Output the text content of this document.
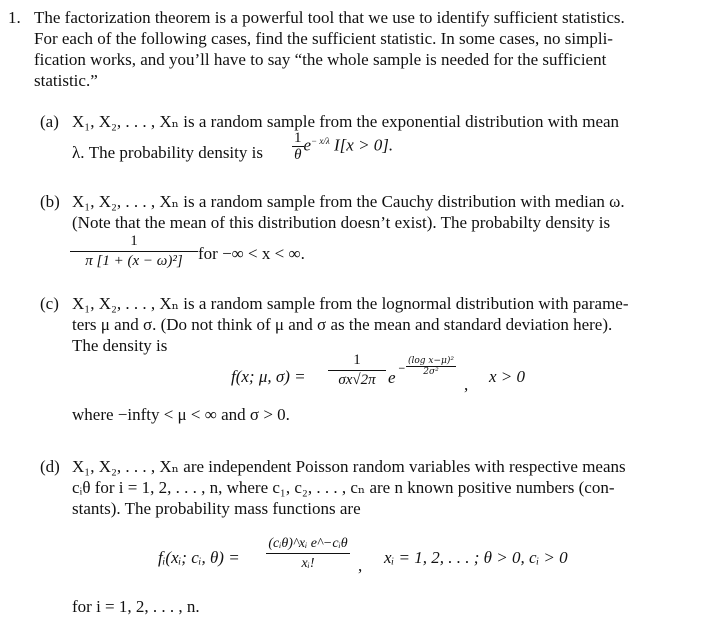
1. The factorization theorem is a powerful tool that we use to identify sufficient statistics.
For each of the following cases, find the sufficient statistic. In some cases, no simpli-
fication works, and you’ll have to say “the whole sample is needed for the sufficient
statistic.”
(a) X₁, X₂, . . . , Xₙ is a random sample from the exponential distribution with mean
λ. The probability density is $\frac{1}{\theta} e^{- x/\lambda}$ I[x > 0].
(b) X₁, X₂, . . . , Xₙ is a random sample from the Cauchy distribution with median ω.
(Note that the mean of this distribution doesn’t exist). The probabilty density is
$\frac{1}{\text{π [1 + (x − ω)²]}}$ for −∞ < x < ∞.
(c) X₁, X₂, . . . , Xₙ is a random sample from the lognormal distribution with parame-
ters μ and σ. (Do not think of μ and σ as the mean and standard deviation here).
The density is
f(x; μ, $\sigma) = \frac{1}{\sigma x√2\pi}$ $e - \frac{\text{(log x−μ)²}}{\text{2σ²}}$
, x > 0
where −infty < μ < ∞ and σ > 0.
(d) X₁, X₂, . . . , Xₙ are independent Poisson random variables with respective means
cᵢθ for i = 1, 2, . . . , n, where c₁, c₂, . . . , cₙ are n known positive numbers (con-
stants). The probability mass functions are
fᵢ(xᵢ; cᵢ, $\theta) = \frac{\text{(cᵢθ)\textasciicircum{}xᵢ e\textasciicircum{}−cᵢθ}}{\text{xᵢ!}}$ , xᵢ = 1, 2, . . . ; θ > 0, cᵢ > 0
for i = 1, 2, . . . , n.
